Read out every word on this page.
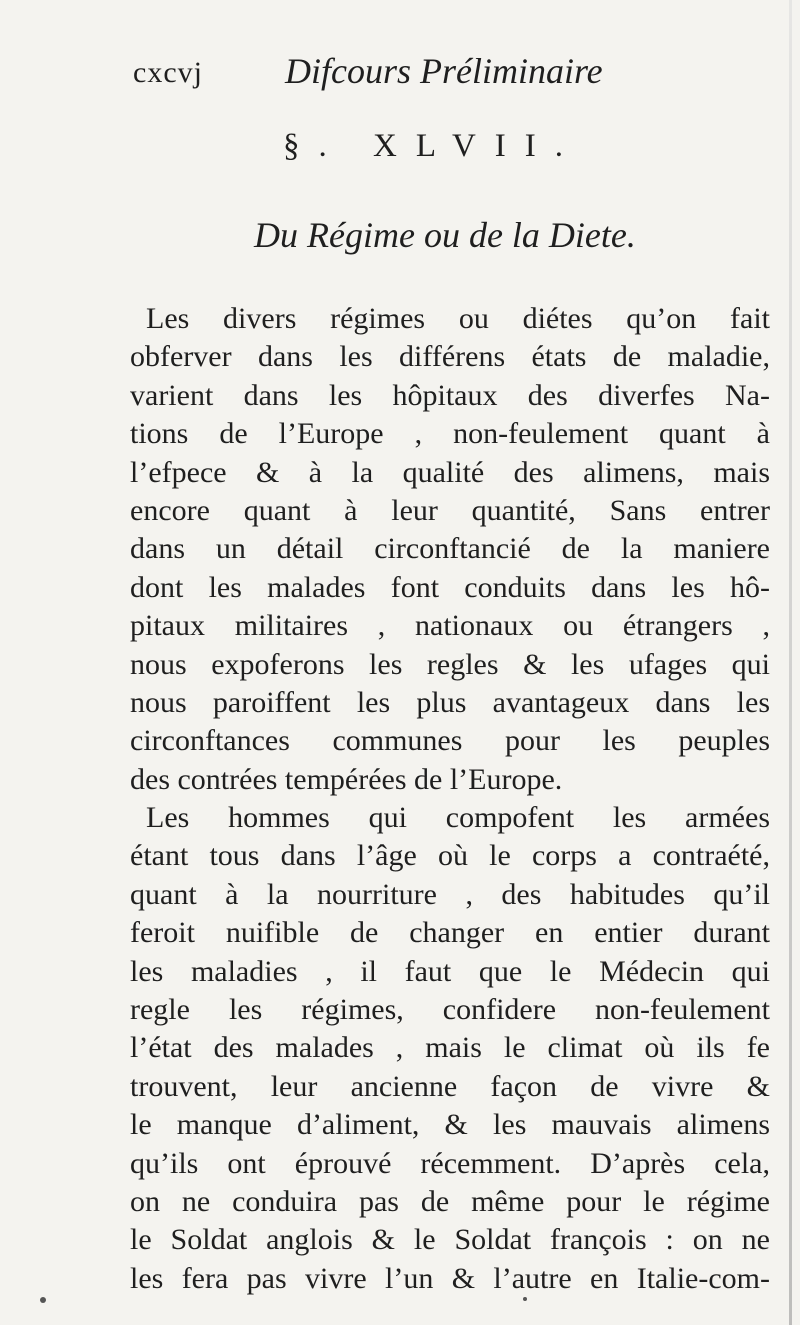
cxcvj Difcours Préliminaire
§. XLVII.
Du Régime ou de la Diete.
Les divers régimes ou diétes qu’on fait
obferver dans les différens états de maladie,
varient dans les hôpitaux des diverfes Na-
tions de l’Europe , non-feulement quant à
l’efpece & à la qualité des alimens, mais
encore quant à leur quantité, Sans entrer
dans un détail circonftancié de la maniere
dont les malades font conduits dans les hô-
pitaux militaires , nationaux ou étrangers ,
nous expoferons les regles & les ufages qui
nous paroiffent les plus avantageux dans les
circonftances communes pour les peuples
des contrées tempérées de l’Europe.
Les hommes qui compofent les armées
étant tous dans l’âge où le corps a contraété,
quant à la nourriture , des habitudes qu’il
feroit nuifible de changer en entier durant
les maladies , il faut que le Médecin qui
regle les régimes, confidere non-feulement
l’état des malades , mais le climat où ils fe
trouvent, leur ancienne façon de vivre &
le manque d’aliment, & les mauvais alimens
qu’ils ont éprouvé récemment. D’après cela,
on ne conduira pas de même pour le régime
le Soldat anglois & le Soldat françois : on ne
les fera pas vivre l’un & l’autre en Italie-com-
